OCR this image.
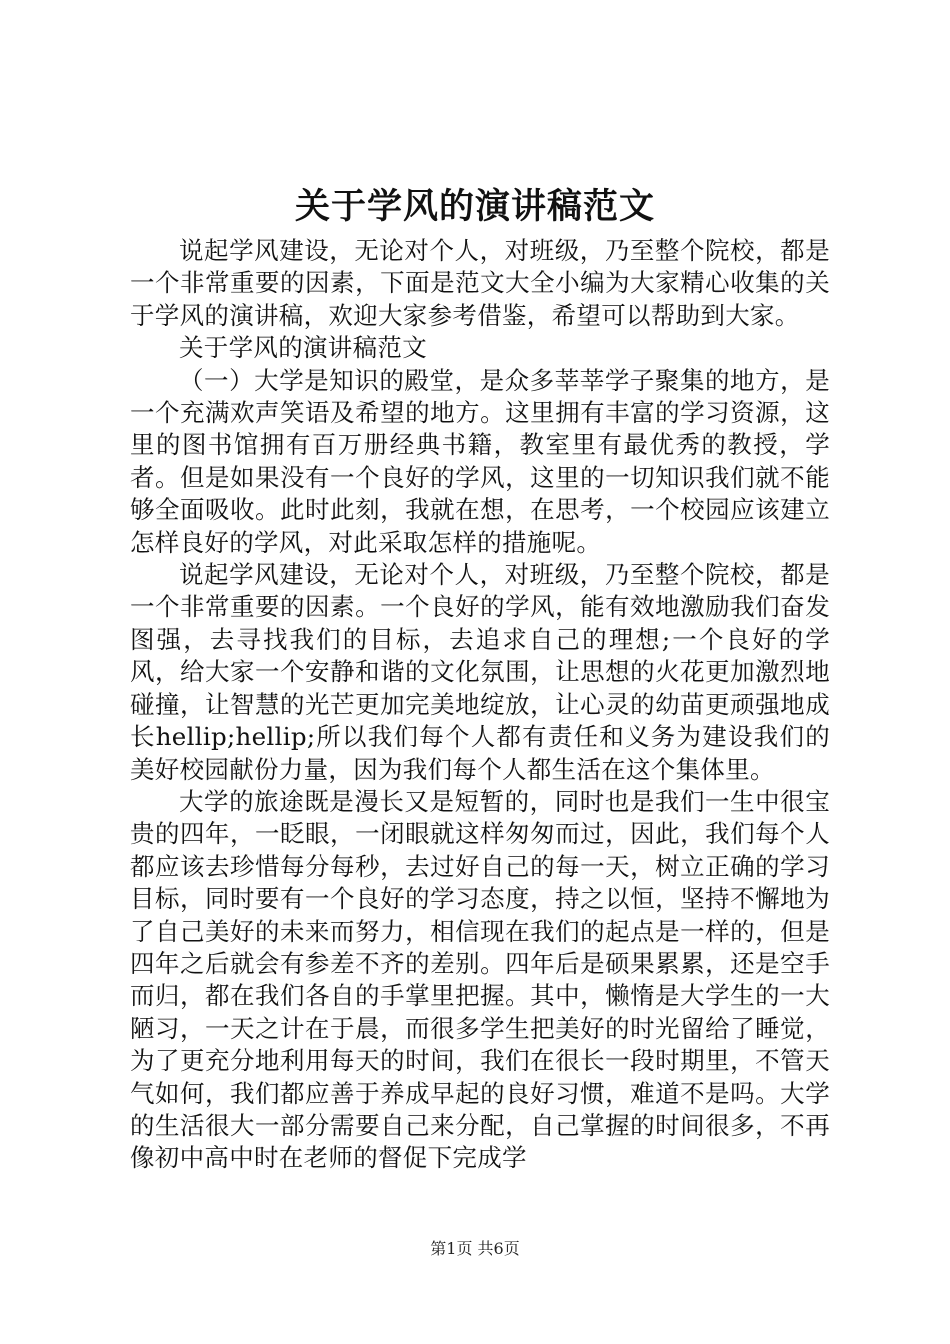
关于学风的演讲稿范文

说起学风建设，无论对个人，对班级，乃至整个院校，都是一个非常重要的因素，下面是范文大全小编为大家精心收集的关于学风的演讲稿，欢迎大家参考借鉴，希望可以帮助到大家。

关于学风的演讲稿范文

（一）大学是知识的殿堂，是众多莘莘学子聚集的地方，是一个充满欢声笑语及希望的地方。这里拥有丰富的学习资源，这里的图书馆拥有百万册经典书籍，教室里有最优秀的教授，学者。但是如果没有一个良好的学风，这里的一切知识我们就不能够全面吸收。此时此刻，我就在想，在思考，一个校园应该建立怎样良好的学风，对此采取怎样的措施呢。

说起学风建设，无论对个人，对班级，乃至整个院校，都是一个非常重要的因素。一个良好的学风，能有效地激励我们奋发图强，去寻找我们的目标，去追求自己的理想;一个良好的学风，给大家一个安静和谐的文化氛围，让思想的火花更加激烈地碰撞，让智慧的光芒更加完美地绽放，让心灵的幼苗更顽强地成长hellip;hellip;所以我们每个人都有责任和义务为建设我们的美好校园献份力量，因为我们每个人都生活在这个集体里。

大学的旅途既是漫长又是短暂的，同时也是我们一生中很宝贵的四年，一眨眼，一闭眼就这样匆匆而过，因此，我们每个人都应该去珍惜每分每秒，去过好自己的每一天，树立正确的学习目标，同时要有一个良好的学习态度，持之以恒，坚持不懈地为了自己美好的未来而努力，相信现在我们的起点是一样的，但是四年之后就会有参差不齐的差别。四年后是硕果累累，还是空手而归，都在我们各自的手掌里把握。其中，懒惰是大学生的一大陋习，一天之计在于晨，而很多学生把美好的时光留给了睡觉，为了更充分地利用每天的时间，我们在很长一段时期里，不管天气如何，我们都应善于养成早起的良好习惯，难道不是吗。大学的生活很大一部分需要自己来分配，自己掌握的时间很多，不再像初中高中时在老师的督促下完成学

第1页 共6页
